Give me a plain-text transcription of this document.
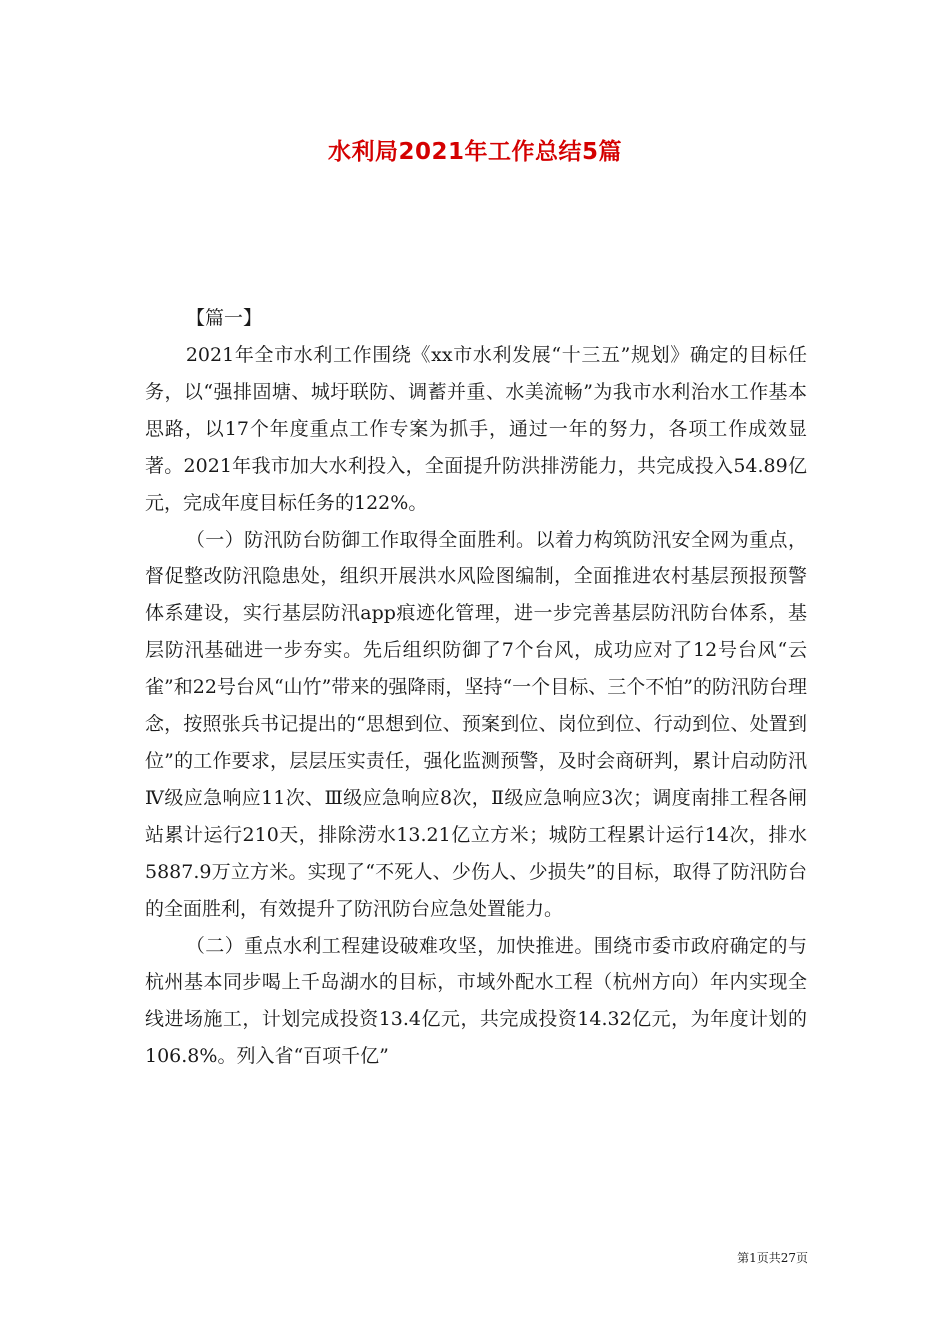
水利局2021年工作总结5篇
【篇一】

2021年全市水利工作围绕《xx市水利发展“十三五”规划》确定的目标任务，以“强排固塘、城圩联防、调蓄并重、水美流畅”为我市水利治水工作基本思路，以17个年度重点工作专案为抓手，通过一年的努力，各项工作成效显著。2021年我市加大水利投入，全面提升防洪排涝能力，共完成投入54.89亿元，完成年度目标任务的122%。

（一）防汛防台防御工作取得全面胜利。以着力构筑防汛安全网为重点，督促整改防汛隐患处，组织开展洪水风险图编制，全面推进农村基层预报预警体系建设，实行基层防汛app痕迹化管理，进一步完善基层防汛防台体系，基层防汛基础进一步夯实。先后组织防御了7个台风，成功应对了12号台风“云雀”和22号台风“山竹”带来的强降雨，坚持“一个目标、三个不怕”的防汛防台理念，按照张兵书记提出的“思想到位、预案到位、岗位到位、行动到位、处置到位”的工作要求，层层压实责任，强化监测预警，及时会商研判，累计启动防汛Ⅳ级应急响应11次、Ⅲ级应急响应8次，Ⅱ级应急响应3次；调度南排工程各闸站累计运行210天，排除涝水13.21亿立方米；城防工程累计运行14次，排水5887.9万立方米。实现了“不死人、少伤人、少损失”的目标，取得了防汛防台的全面胜利，有效提升了防汛防台应急处置能力。

（二）重点水利工程建设破难攻坚，加快推进。围绕市委市政府确定的与杭州基本同步喝上千岛湖水的目标，市域外配水工程（杭州方向）年内实现全线进场施工，计划完成投资13.4亿元，共完成投资14.32亿元，为年度计划的106.8%。列入省“百项千亿”

第1页共27页
